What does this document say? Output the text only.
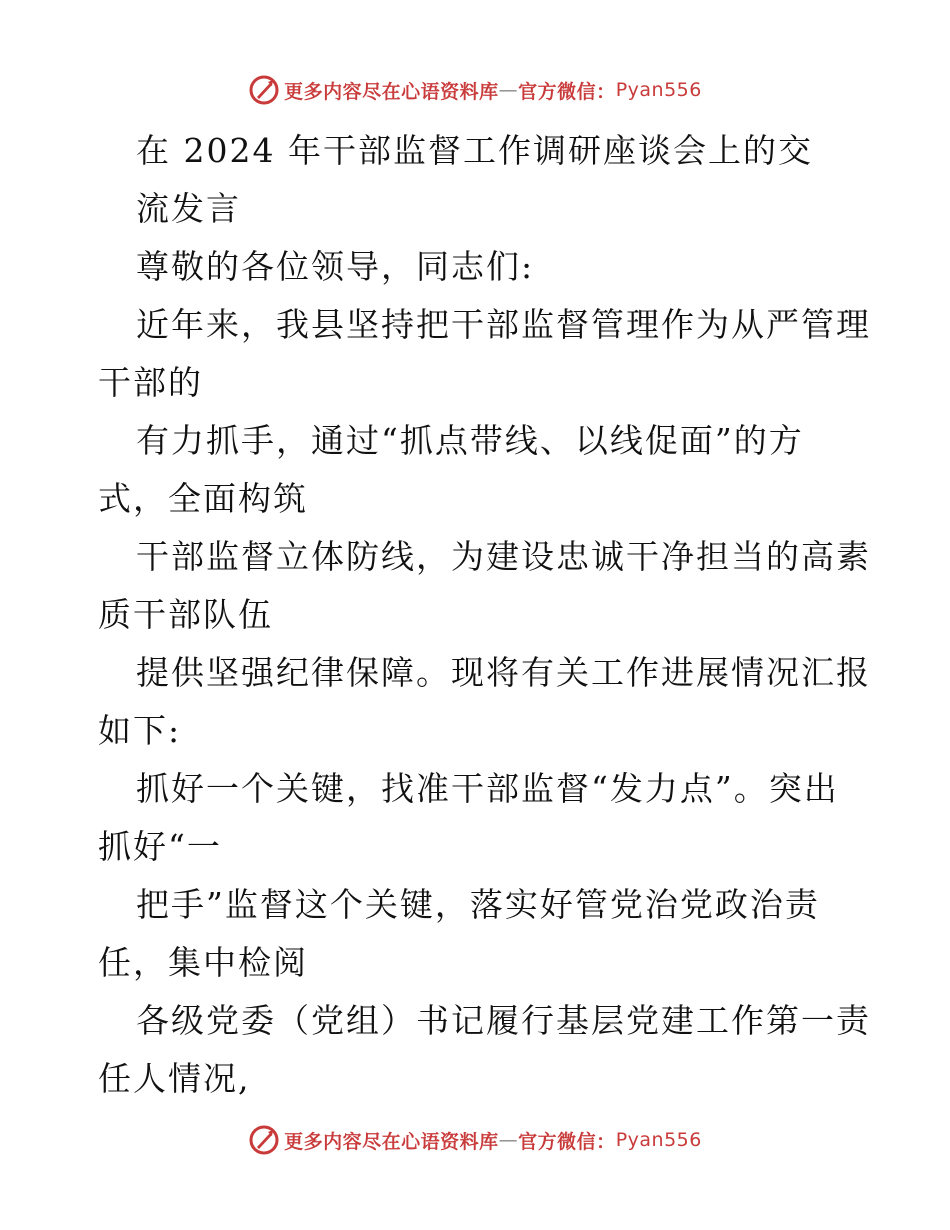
更多内容尽在心语资料库 — 官方微信： Pyan556
在 2024 年干部监督工作调研座谈会上的交
流发言
尊敬的各位领导，同志们:
近年来，我县坚持把干部监督管理作为从严管理
干部的
有力抓手，通过“抓点带线、以线促面”的方
式，全面构筑
干部监督立体防线，为建设忠诚干净担当的高素
质干部队伍
提供坚强纪律保障。现将有关工作进展情况汇报
如下:
抓好一个关键，找准干部监督“发力点”。突出
抓好“一
把手”监督这个关键，落实好管党治党政治责
任，集中检阅
各级党委（党组）书记履行基层党建工作第一责
任人情况,
更多内容尽在心语资料库 — 官方微信： Pyan556
